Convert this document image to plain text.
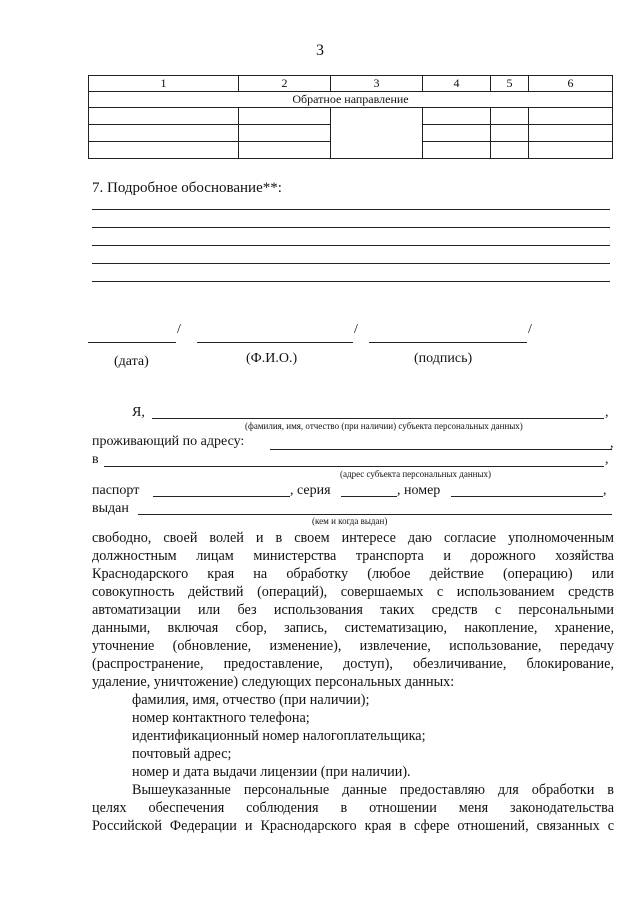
3
1	2	3	4	5	6
Обратное направление					

7. Подробное обоснование**:
/	/	/
(дата)	(Ф.И.О.)	(подпись)
Я,	,
(фамилия, имя, отчество (при наличии) субъекта персональных данных)
проживающий по адресу:	,
в	,
(адрес субъекта персональных данных)
паспорт	, серия	, номер	,
выдан
(кем и когда выдан)

свободно, своей волей и в своем интересе даю согласие уполномоченным

должностным лицам министерства транспорта и дорожного хозяйства

Краснодарского края на обработку (любое действие (операцию) или

совокупность действий (операций), совершаемых с использованием средств

автоматизации или без использования таких средств с персональными

данными, включая сбор, запись, систематизацию, накопление, хранение,

уточнение (обновление, изменение), извлечение, использование, передачу

(распространение, предоставление, доступ), обезличивание, блокирование,

удаление, уничтожение) следующих персональных данных:

фамилия, имя, отчество (при наличии);
номер контактного телефона;
идентификационный номер налогоплательщика;
почтовый адрес;
номер и дата выдачи лицензии (при наличии).

Вышеуказанные персональные данные предоставляю для обработки в

целях обеспечения соблюдения в отношении меня законодательства

Российской Федерации и Краснодарского края в сфере отношений, связанных с
